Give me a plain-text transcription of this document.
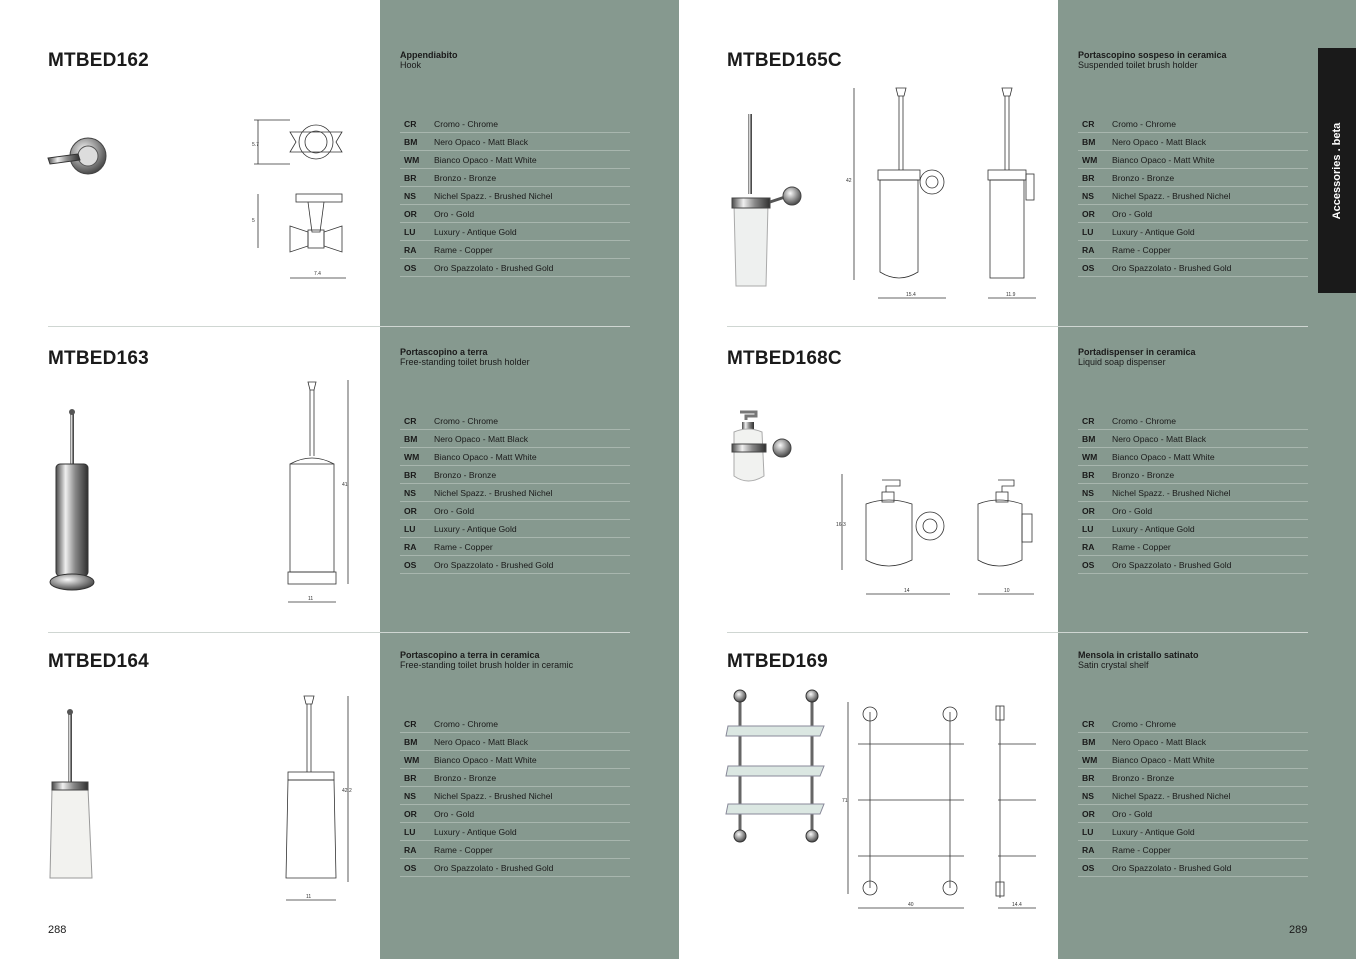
MTBED162
MTBED163
MTBED164
MTBED165C
MTBED168C
MTBED169
Appendiabito
Hook
Portascopino a terra
Free-standing toilet brush holder
Portascopino a terra in ceramica
Free-standing toilet brush holder in ceramic
Portascopino sospeso in ceramica
Suspended toilet brush holder
Portadispenser in ceramica
Liquid soap dispenser
Mensola in cristallo satinato
Satin crystal shelf
CR	Cromo - Chrome
BM	Nero Opaco - Matt Black
WM	Bianco Opaco - Matt White
BR	Bronzo - Bronze
NS	Nichel Spazz. - Brushed Nichel
OR	Oro - Gold
LU	Luxury - Antique Gold
RA	Rame - Copper
OS	Oro Spazzolato - Brushed Gold
CR	Cromo - Chrome
BM	Nero Opaco - Matt Black
WM	Bianco Opaco - Matt White
BR	Bronzo - Bronze
NS	Nichel Spazz. - Brushed Nichel
OR	Oro - Gold
LU	Luxury - Antique Gold
RA	Rame - Copper
OS	Oro Spazzolato - Brushed Gold
CR	Cromo - Chrome
BM	Nero Opaco - Matt Black
WM	Bianco Opaco - Matt White
BR	Bronzo - Bronze
NS	Nichel Spazz. - Brushed Nichel
OR	Oro - Gold
LU	Luxury - Antique Gold
RA	Rame - Copper
OS	Oro Spazzolato - Brushed Gold
CR	Cromo - Chrome
BM	Nero Opaco - Matt Black
WM	Bianco Opaco - Matt White
BR	Bronzo - Bronze
NS	Nichel Spazz. - Brushed Nichel
OR	Oro - Gold
LU	Luxury - Antique Gold
RA	Rame - Copper
OS	Oro Spazzolato - Brushed Gold
CR	Cromo - Chrome
BM	Nero Opaco - Matt Black
WM	Bianco Opaco - Matt White
BR	Bronzo - Bronze
NS	Nichel Spazz. - Brushed Nichel
OR	Oro - Gold
LU	Luxury - Antique Gold
RA	Rame - Copper
OS	Oro Spazzolato - Brushed Gold
CR	Cromo - Chrome
BM	Nero Opaco - Matt Black
WM	Bianco Opaco - Matt White
BR	Bronzo - Bronze
NS	Nichel Spazz. - Brushed Nichel
OR	Oro - Gold
LU	Luxury - Antique Gold
RA	Rame - Copper
OS	Oro Spazzolato - Brushed Gold
5.7
5
7.4
41
11
42.2
11
42
15.4	11.9
16.3
14	10
71
40	14.4
Accessories . beta
288	289
